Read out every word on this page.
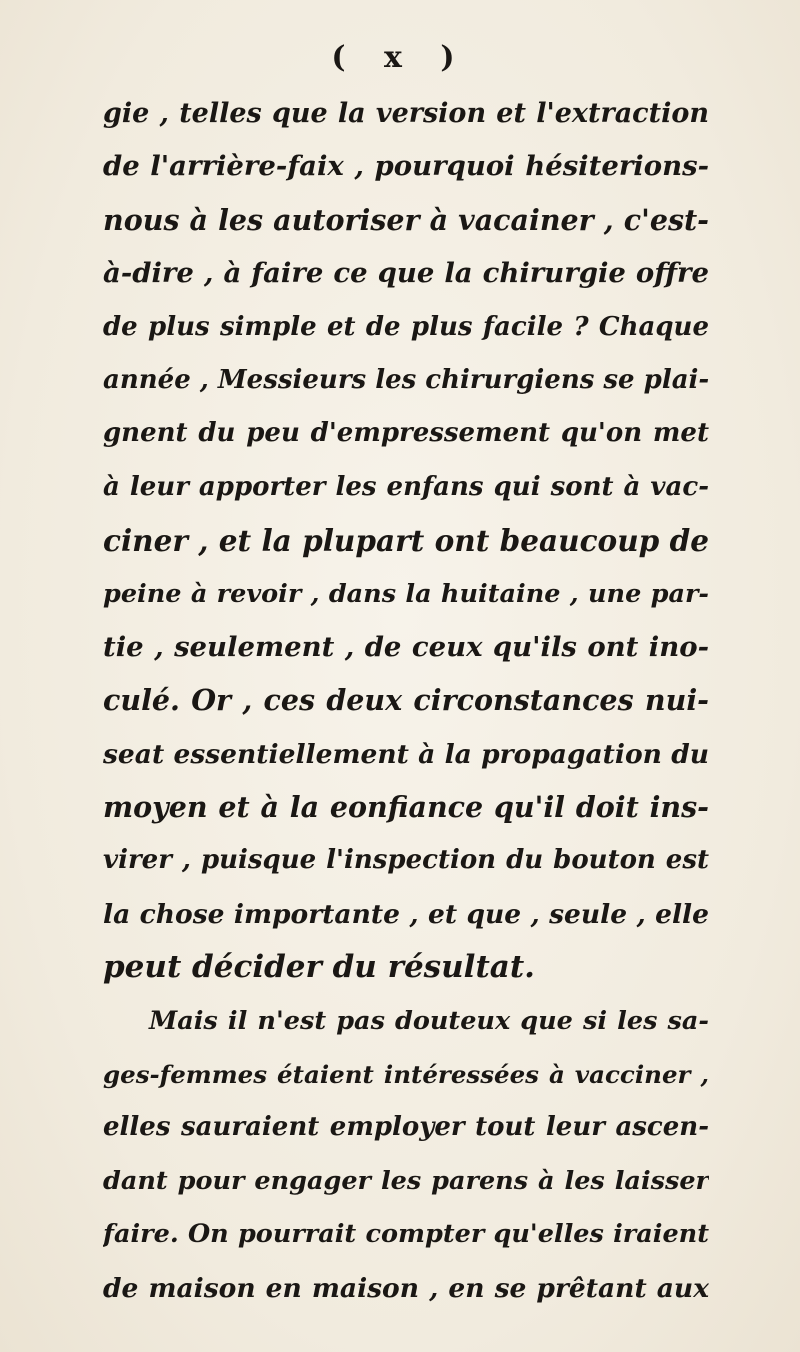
( x )
gie , telles que la version et l'extraction
de l'arrière-faix , pourquoi hésiterions-
nous à les autoriser à vacainer , c'est-
à-dire , à faire ce que la chirurgie offre
de plus simple et de plus facile ? Chaque
année , Messieurs les chirurgiens se plai-
gnent du peu d'empressement qu'on met
à leur apporter les enfans qui sont à vac-
ciner , et la plupart ont beaucoup de
peine à revoir , dans la huitaine , une par-
tie , seulement , de ceux qu'ils ont ino-
culé. Or , ces deux circonstances nui-
seat essentiellement à la propagation du
moyen et à la eonfiance qu'il doit ins-
virer , puisque l'inspection du bouton est
la chose importante , et que , seule , elle
peut décider du résultat.
Mais il n'est pas douteux que si les sa-
ges-femmes étaient intéressées à vacciner ,
elles sauraient employer tout leur ascen-
dant pour engager les parens à les laisser
faire. On pourrait compter qu'elles iraient
de maison en maison , en se prêtant aux
